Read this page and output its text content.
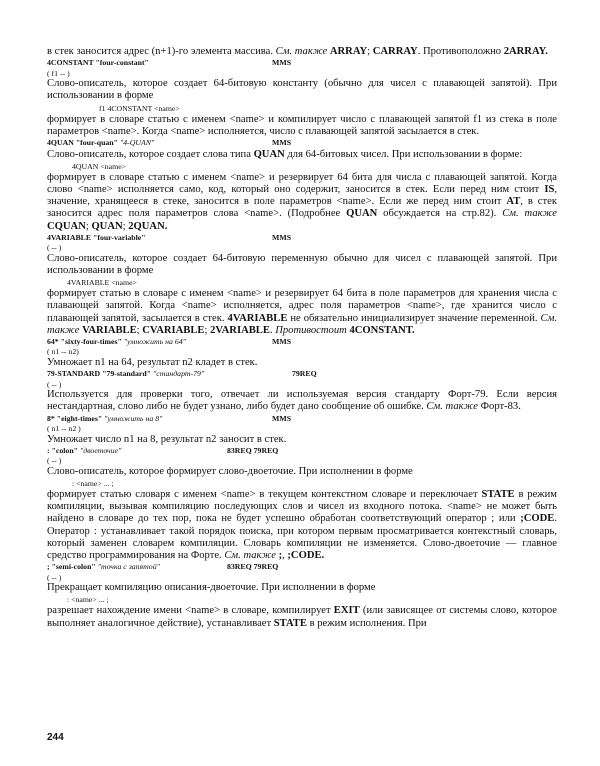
в стек заносится адрес (n+1)-го элемента массива. См. также ARRAY; CARRAY. Противоположно 2ARRAY.

4CONSTANT "four-constant"	MMS

( f1 -- )

Слово-описатель, которое создает 64-битовую константу (обычно для чисел с плавающей запятой). При использовании в форме

f1 4CONSTANT <name>

формирует в словаре статью с именем <name> и компилирует число с плавающей запятой f1 из стека в поле параметров <name>. Когда <name> исполняется, число с плавающей запятой засылается в стек.

4QUAN "four-quan" "4-QUAN"	MMS

Слово-описатель, которое создает слова типа QUAN для 64-битовых чисел. При использовании в форме:

4QUAN <name>

формирует в словаре статью с именем <name> и резервирует 64 бита для числа с плавающей запятой. Когда слово <name> исполняется само, код, который оно содержит, заносится в стек. Если перед ним стоит IS, значение, хранящееся в стеке, заносится в поле параметров <name>. Если же перед ним стоит AT, в стек заносится адрес поля параметров слова <name>. (Подробнее QUAN обсуждается на стр.82). См. также CQUAN; QUAN; 2QUAN.

4VARIABLE "four-variable"	MMS

( -- )

Слово-описатель, которое создает 64-битовую переменную обычно для чисел с плавающей запятой. При использовании в форме

4VARIABLE <name>

формирует статью в словаре с именем <name> и резервирует 64 бита в поле параметров для хранения числа с плавающей запятой. Когда <name> исполняется, адрес поля параметров <name>, где хранится число с плавающей запятой, засылается в стек. 4VARIABLE не обязательно инициализирует значение переменной. См. также VARIABLE; CVARIABLE; 2VARIABLE. Противостоит 4CONSTANT.

64* "sixty-four-times" "умножить на 64"	MMS

( n1 -- n2)

Умножает n1 на 64, результат n2 кладет в стек.

79-STANDARD "79-standard" "стандарт-79"	79REQ

( -- )

Используется для проверки того, отвечает ли используемая версия стандарту Форт-79. Если версия нестандартная, слово либо не будет узнано, либо будет дано сообщение об ошибке. См. также Форт-83.

8* "eight-times" "умножить на 8"	MMS

( n1 -- n2 )

Умножает число n1 на 8, результат n2 заносит в стек.

: "colon" "двоеточие"	83REQ 79REQ

( -- )

Слово-описатель, которое формирует слово-двоеточие. При исполнении в форме

: <name> ... ;

формирует статью словаря с именем <name> в текущем контекстном словаре и переключает STATE в режим компиляции, вызывая компиляцию последующих слов и чисел из входного потока. <name> не может быть найдено в словаре до тех пор, пока не будет успешно обработан соответствующий оператор ; или ;CODE. Оператор : устанавливает такой порядок поиска, при котором первым просматривается контекстный словарь, который заменен словарем компиляции. Словарь компиляции не изменяется. Слово-двоеточие — главное средство программирования на Форте. См. также ;, ;CODE.

; "semi-colon" "точка с запятой"	83REQ 79REQ

( -- )

Прекращает компиляцию описания-двоеточие. При исполнении в форме

: <name> ... ;

разрешает нахождение имени <name> в словаре, компилирует EXIT (или зависящее от системы слово, которое выполняет аналогичное действие), устанавливает STATE в режим исполнения. При

244
